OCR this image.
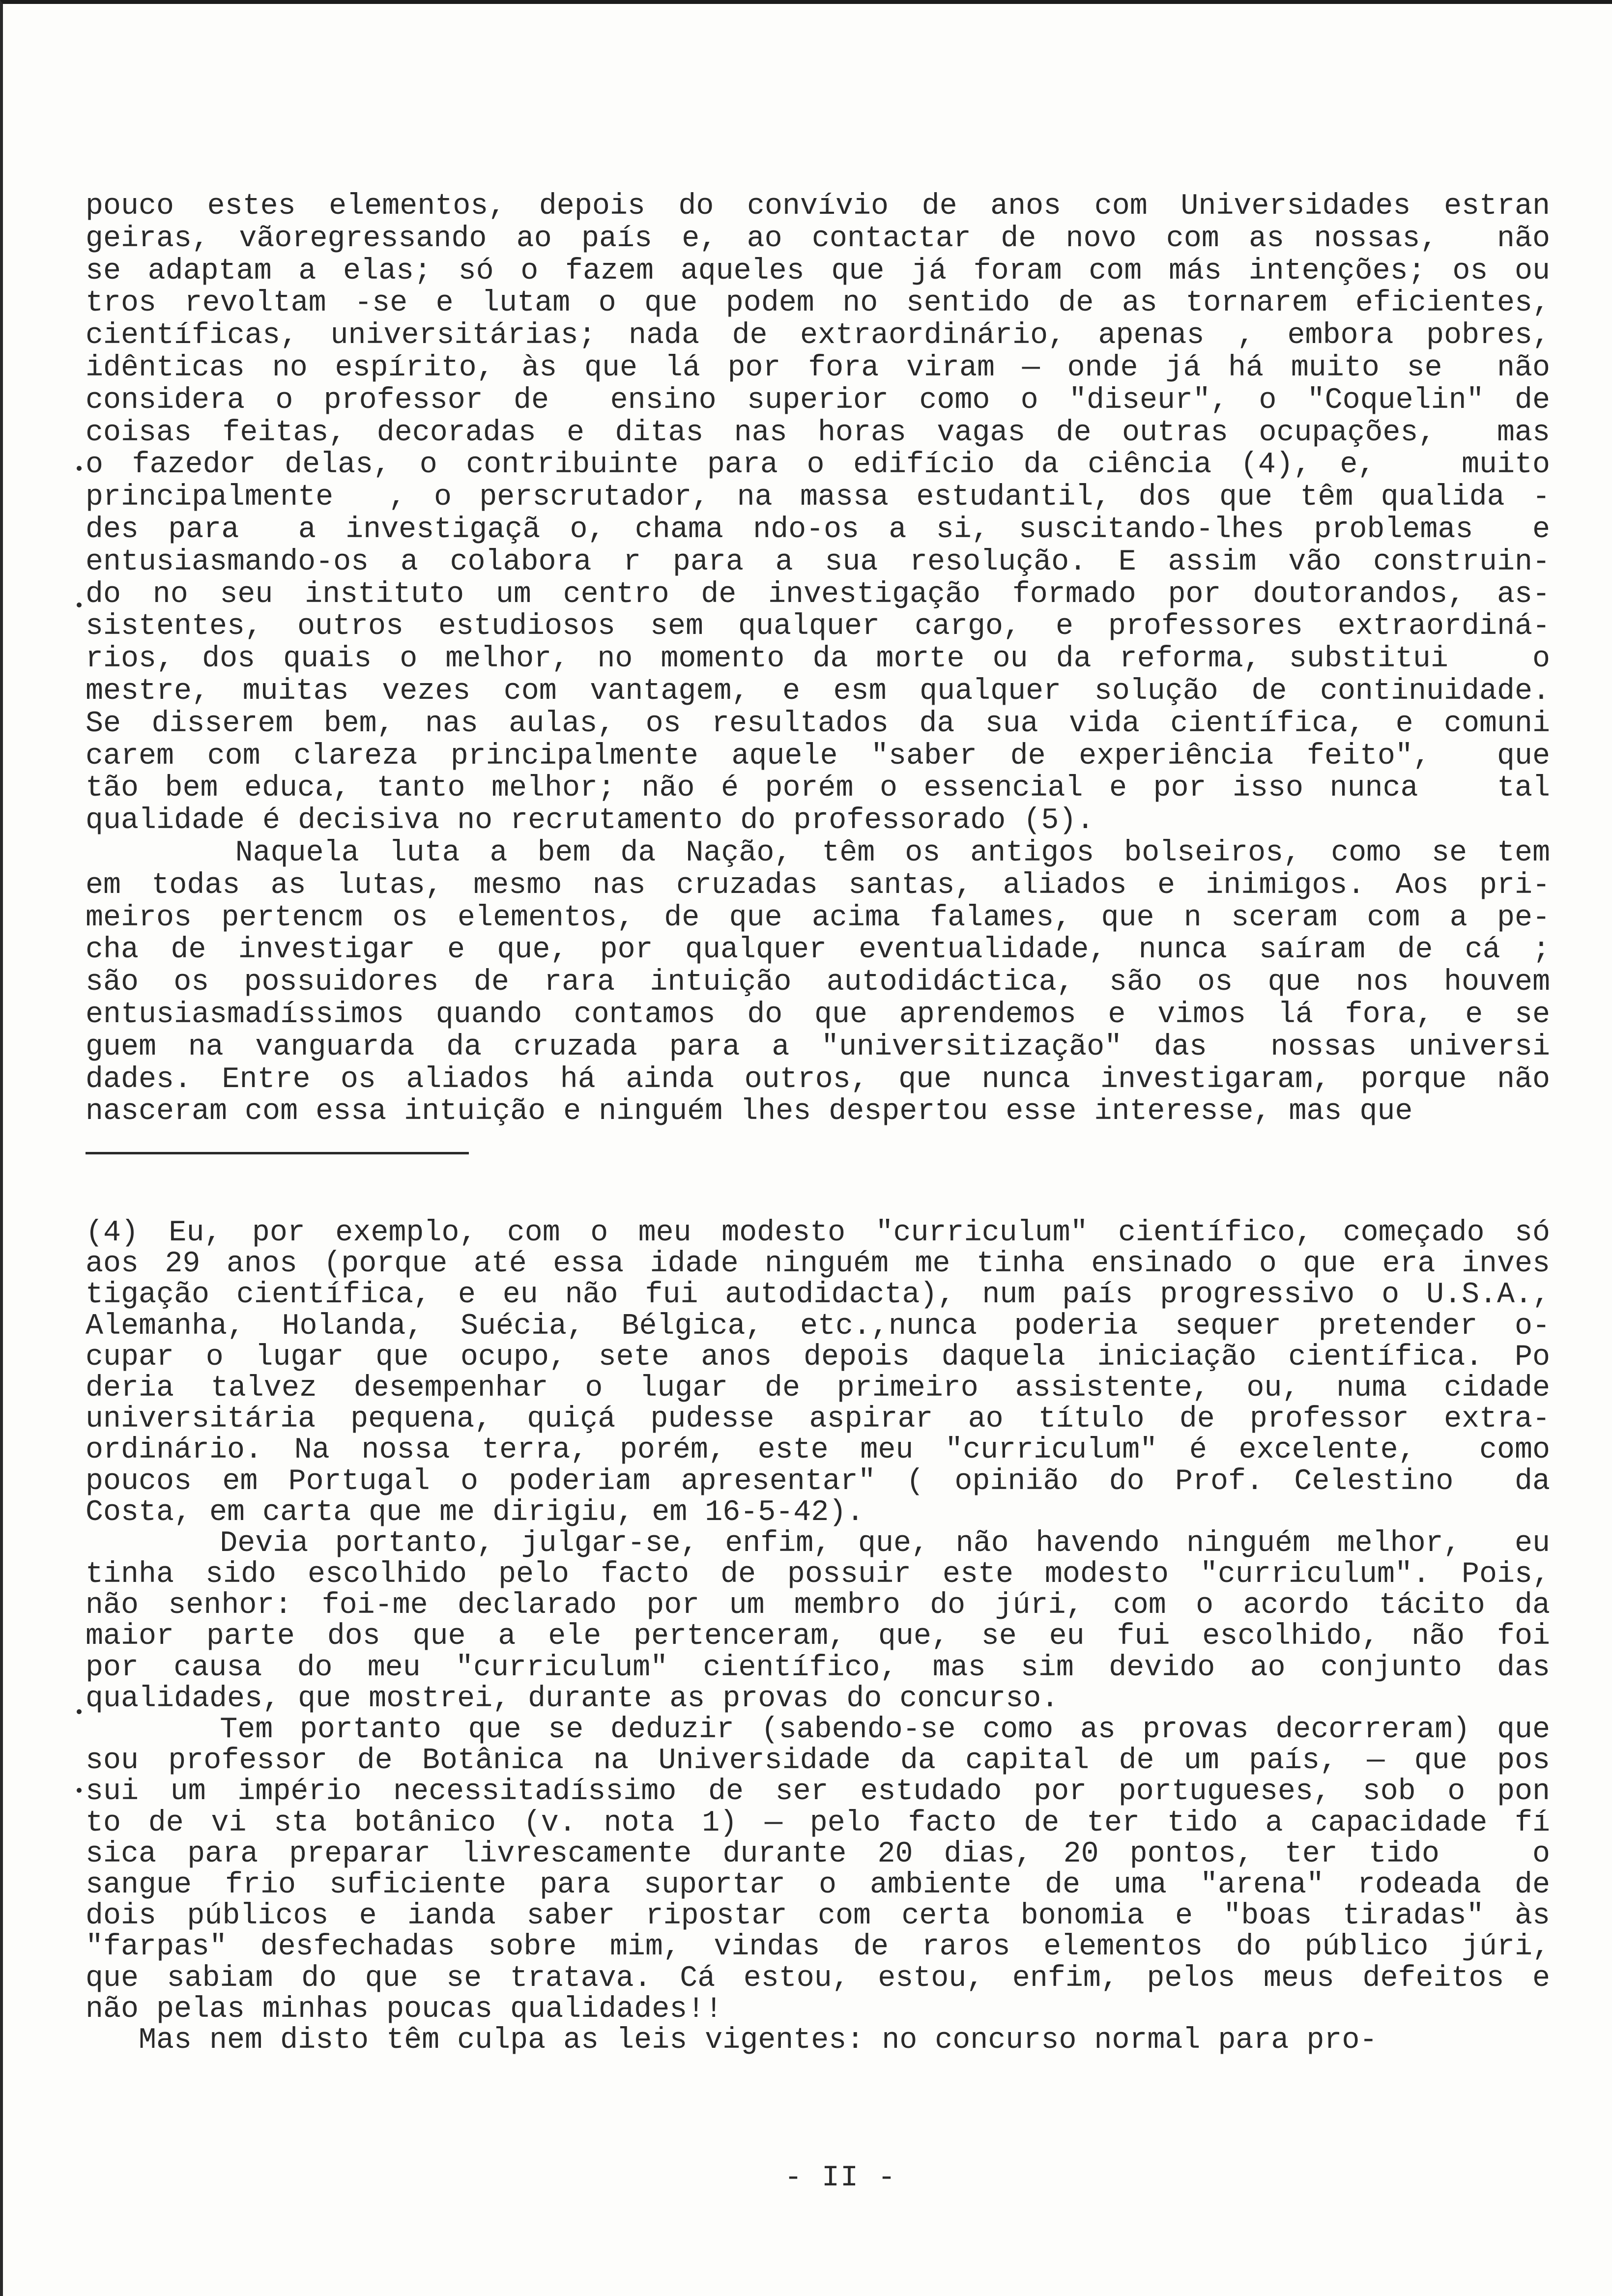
pouco estes elementos, depois do convívio de anos com Universidades estran
geiras, vãoregressando ao país e, ao contactar de novo com as nossas,  não
se adaptam a elas; só o fazem aqueles que já foram com más intenções; os ou
tros revoltam -se e lutam o que podem no sentido de as tornarem eficientes,
científicas, universitárias; nada de extraordinário, apenas , embora pobres,
idênticas no espírito, às que lá por fora viram — onde já há muito se  não
considera o professor de  ensino superior como o "diseur", o "Coquelin" de
coisas feitas, decoradas e ditas nas horas vagas de outras ocupações,  mas
o fazedor delas, o contribuinte para o edifício da ciência (4), e,   muito
principalmente  , o perscrutador, na massa estudantil, dos que têm qualida -
des para  a investigaçã o, chama ndo-os a si, suscitando-lhes problemas  e
entusiasmando-os a colabora r para a sua resolução. E assim vão construin-
do no seu instituto um centro de investigação formado por doutorandos, as-
sistentes, outros estudiosos sem qualquer cargo, e professores extraordiná-
rios, dos quais o melhor, no momento da morte ou da reforma, substitui   o
mestre, muitas vezes com vantagem, e esm qualquer solução de continuidade.
Se disserem bem, nas aulas, os resultados da sua vida científica, e comuni
carem com clareza principalmente aquele "saber de experiência feito",  que
tão bem educa, tanto melhor; não é porém o essencial e por isso nunca   tal
qualidade é decisiva no recrutamento do professorado (5).
Naquela luta a bem da Nação, têm os antigos bolseiros, como se tem
em todas as lutas, mesmo nas cruzadas santas, aliados e inimigos. Aos pri-
meiros pertencm os elementos, de que acima falames, que n sceram com a pe-
cha de investigar e que, por qualquer eventualidade, nunca saíram de cá ;
são os possuidores de rara intuição autodidáctica, são os que nos houvem
entusiasmadíssimos quando contamos do que aprendemos e vimos lá fora, e se
guem na vanguarda da cruzada para a "universitização" das  nossas universi
dades. Entre os aliados há ainda outros, que nunca investigaram, porque não
nasceram com essa intuição e ninguém lhes despertou esse interesse, mas que
(4) Eu, por exemplo, com o meu modesto "curriculum" científico, começado só
aos 29 anos (porque até essa idade ninguém me tinha ensinado o que era inves
tigação científica, e eu não fui autodidacta), num país progressivo o U.S.A.,
Alemanha, Holanda, Suécia, Bélgica, etc.,nunca poderia sequer pretender o-
cupar o lugar que ocupo, sete anos depois daquela iniciação científica. Po
deria talvez desempenhar o lugar de primeiro assistente, ou, numa cidade
universitária pequena, quiçá pudesse aspirar ao título de professor extra-
ordinário. Na nossa terra, porém, este meu "curriculum" é excelente,  como
poucos em Portugal o poderiam apresentar" ( opinião do Prof. Celestino  da
Costa, em carta que me dirigiu, em 16-5-42).
Devia portanto, julgar-se, enfim, que, não havendo ninguém melhor,  eu
tinha sido escolhido pelo facto de possuir este modesto "curriculum". Pois,
não senhor: foi-me declarado por um membro do júri, com o acordo tácito da
maior parte dos que a ele pertenceram, que, se eu fui escolhido, não foi
por causa do meu "curriculum" científico, mas sim devido ao conjunto das
qualidades, que mostrei, durante as provas do concurso.
Tem portanto que se deduzir (sabendo-se como as provas decorreram) que
sou professor de Botânica na Universidade da capital de um país, — que pos
sui um império necessitadíssimo de ser estudado por portugueses, sob o pon
to de vi sta botânico (v. nota 1) — pelo facto de ter tido a capacidade fí
sica para preparar livrescamente durante 20 dias, 20 pontos, ter tido   o
sangue frio suficiente para suportar o ambiente de uma "arena" rodeada de
dois públicos e ianda saber ripostar com certa bonomia e "boas tiradas" às
"farpas" desfechadas sobre mim, vindas de raros elementos do público júri,
que sabiam do que se tratava. Cá estou, estou, enfim, pelos meus defeitos e
não pelas minhas poucas qualidades!!
Mas nem disto têm culpa as leis vigentes: no concurso normal para pro-
- II -
